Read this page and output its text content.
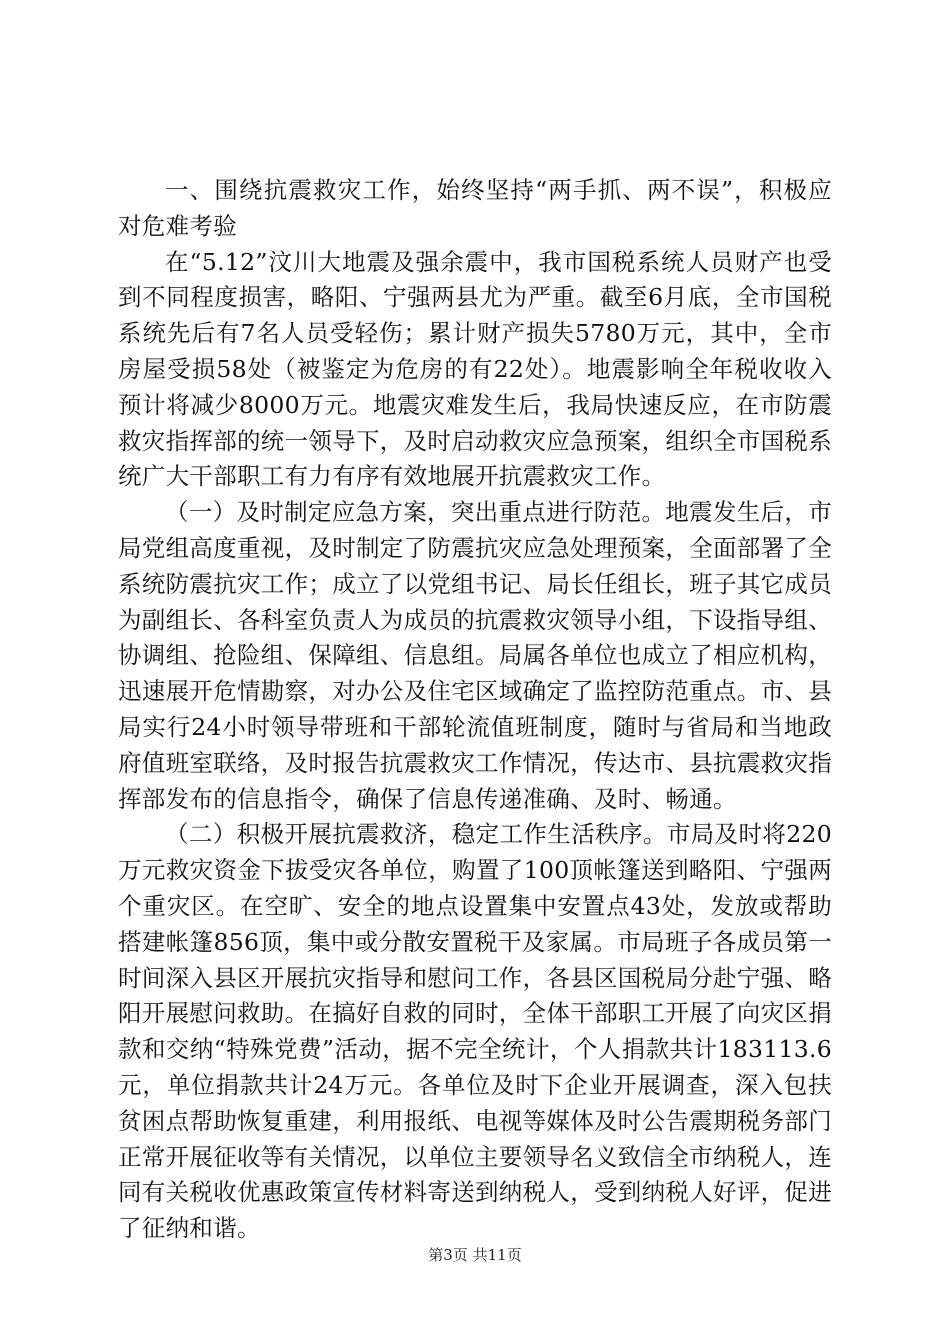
一、围绕抗震救灾工作，始终坚持“两手抓、两不误”，积极应对危难考验

在“5.12”汶川大地震及强余震中，我市国税系统人员财产也受到不同程度损害，略阳、宁强两县尤为严重。截至6月底，全市国税系统先后有7名人员受轻伤；累计财产损失5780万元，其中，全市房屋受损58处（被鉴定为危房的有22处）。地震影响全年税收收入预计将减少8000万元。地震灾难发生后，我局快速反应，在市防震救灾指挥部的统一领导下，及时启动救灾应急预案，组织全市国税系统广大干部职工有力有序有效地展开抗震救灾工作。

（一）及时制定应急方案，突出重点进行防范。地震发生后，市局党组高度重视，及时制定了防震抗灾应急处理预案，全面部署了全系统防震抗灾工作；成立了以党组书记、局长任组长，班子其它成员为副组长、各科室负责人为成员的抗震救灾领导小组，下设指导组、协调组、抢险组、保障组、信息组。局属各单位也成立了相应机构，迅速展开危情勘察，对办公及住宅区域确定了监控防范重点。市、县局实行24小时领导带班和干部轮流值班制度，随时与省局和当地政府值班室联络，及时报告抗震救灾工作情况，传达市、县抗震救灾指挥部发布的信息指令，确保了信息传递准确、及时、畅通。

（二）积极开展抗震救济，稳定工作生活秩序。市局及时将220万元救灾资金下拔受灾各单位，购置了100顶帐篷送到略阳、宁强两个重灾区。在空旷、安全的地点设置集中安置点43处，发放或帮助搭建帐篷856顶，集中或分散安置税干及家属。市局班子各成员第一时间深入县区开展抗灾指导和慰问工作，各县区国税局分赴宁强、略阳开展慰问救助。在搞好自救的同时，全体干部职工开展了向灾区捐款和交纳“特殊党费”活动，据不完全统计，个人捐款共计183113.6元，单位捐款共计24万元。各单位及时下企业开展调查，深入包扶贫困点帮助恢复重建，利用报纸、电视等媒体及时公告震期税务部门正常开展征收等有关情况，以单位主要领导名义致信全市纳税人，连同有关税收优惠政策宣传材料寄送到纳税人，受到纳税人好评，促进了征纳和谐。

第3页 共11页
